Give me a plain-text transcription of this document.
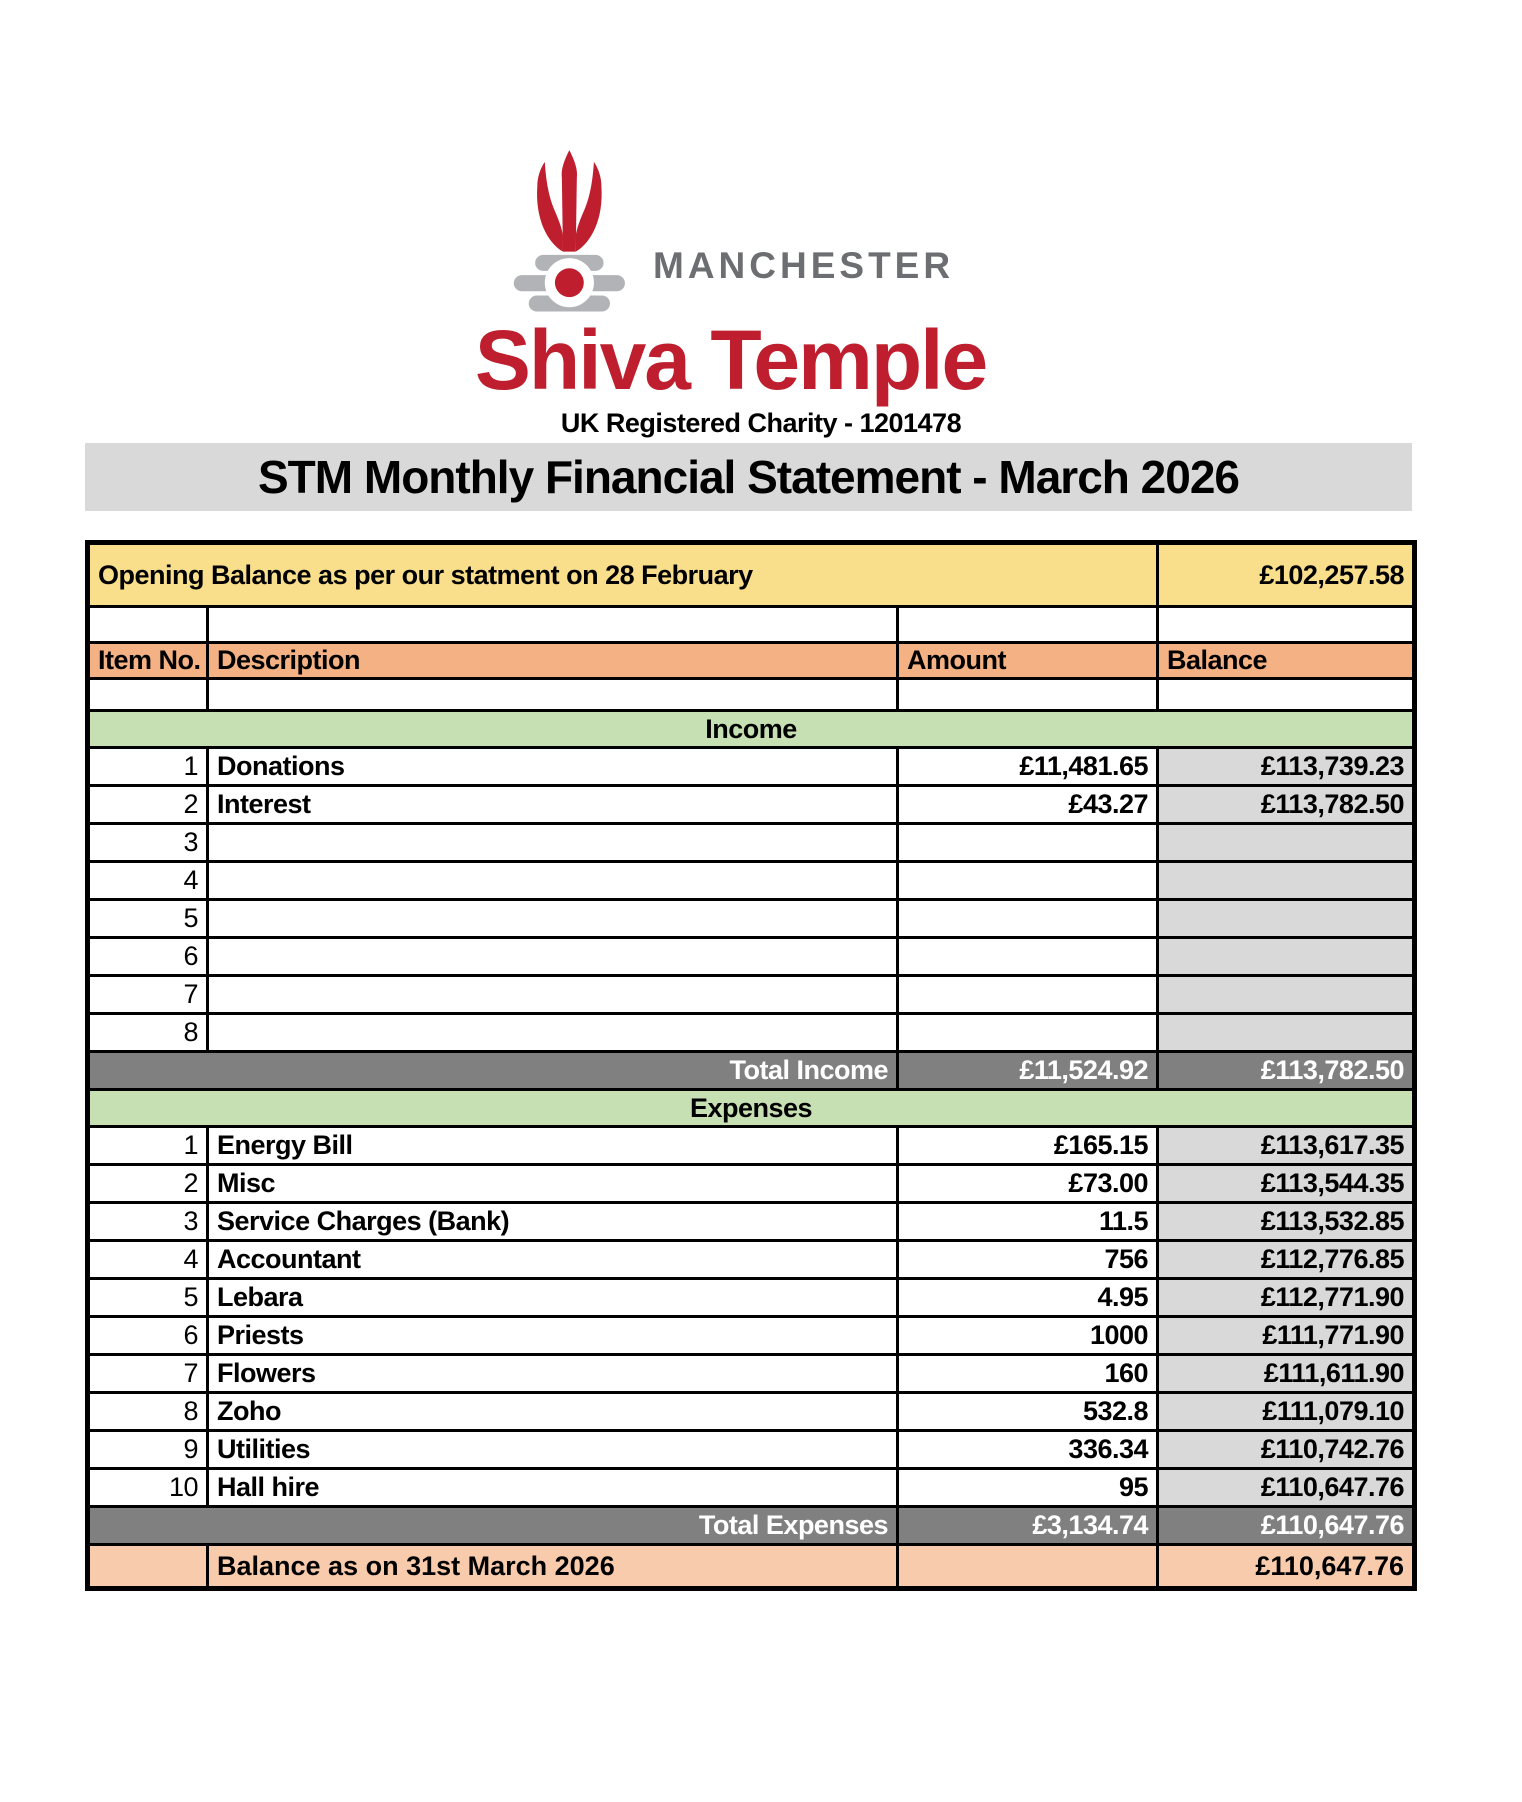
MANCHESTER
Shiva Temple
UK Registered Charity - 1201478
STM Monthly Financial Statement - March 2026
Opening Balance as per our statment on 28 February			£102,257.58

Item No.	Description	Amount	Balance

Income			
1	Donations	£11,481.65	£113,739.23
2	Interest	£43.27	£113,782.50
3			
4			
5			
6			
7			
8			
Total Income		£11,524.92	£113,782.50
Expenses			
1	Energy Bill	£165.15	£113,617.35
2	Misc	£73.00	£113,544.35
3	Service Charges (Bank)	11.5	£113,532.85
4	Accountant	756	£112,776.85
5	Lebara	4.95	£112,771.90
6	Priests	1000	£111,771.90
7	Flowers	160	£111,611.90
8	Zoho	532.8	£111,079.10
9	Utilities	336.34	£110,742.76
10	Hall hire	95	£110,647.76
Total Expenses		£3,134.74	£110,647.76
	Balance as on 31st March 2026		£110,647.76
